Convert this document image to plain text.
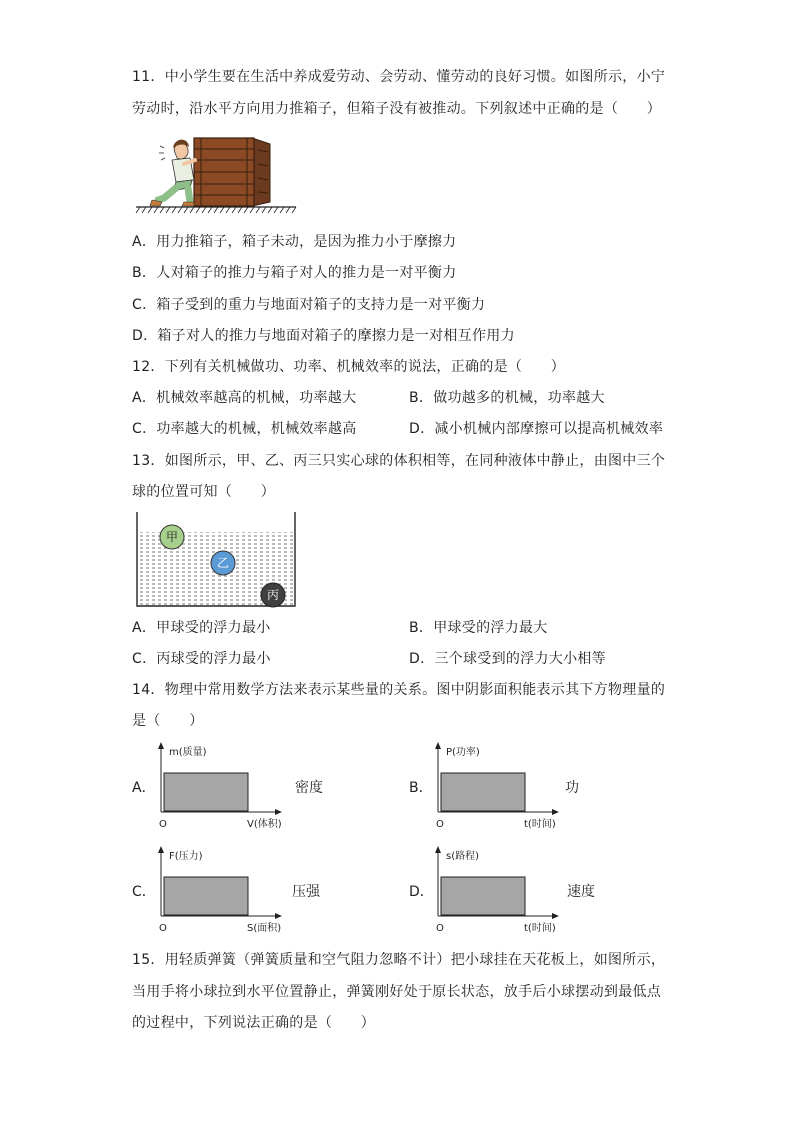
11．中小学生要在生活中养成爱劳动、会劳动、懂劳动的良好习惯。如图所示，小宁
劳动时，沿水平方向用力推箱子，但箱子没有被推动。下列叙述中正确的是（　　）
A．用力推箱子，箱子未动，是因为推力小于摩擦力
B．人对箱子的推力与箱子对人的推力是一对平衡力
C．箱子受到的重力与地面对箱子的支持力是一对平衡力
D．箱子对人的推力与地面对箱子的摩擦力是一对相互作用力
12．下列有关机械做功、功率、机械效率的说法，正确的是（　　）
A．机械效率越高的机械，功率越大	B．做功越多的机械，功率越大
C．功率越大的机械，机械效率越高	D．减小机械内部摩擦可以提高机械效率
13．如图所示，甲、乙、丙三只实心球的体积相等，在同种液体中静止，由图中三个
球的位置可知（　　）
甲
乙
丙
A．甲球受的浮力最小	B．甲球受的浮力最大
C．丙球受的浮力最小	D．三个球受到的浮力大小相等
14．物理中常用数学方法来表示某些量的关系。图中阴影面积能表示其下方物理量的
是（　　）
A．
m(质量)
O	V(体积)
密度	B．
P(功率)
O	t(时间)
功
C．
F(压力)
O	S(面积)
压强	D．
s(路程)
O	t(时间)
速度
15．用轻质弹簧（弹簧质量和空气阻力忽略不计）把小球挂在天花板上，如图所示，
当用手将小球拉到水平位置静止，弹簧刚好处于原长状态，放手后小球摆动到最低点
的过程中，下列说法正确的是（　　）
